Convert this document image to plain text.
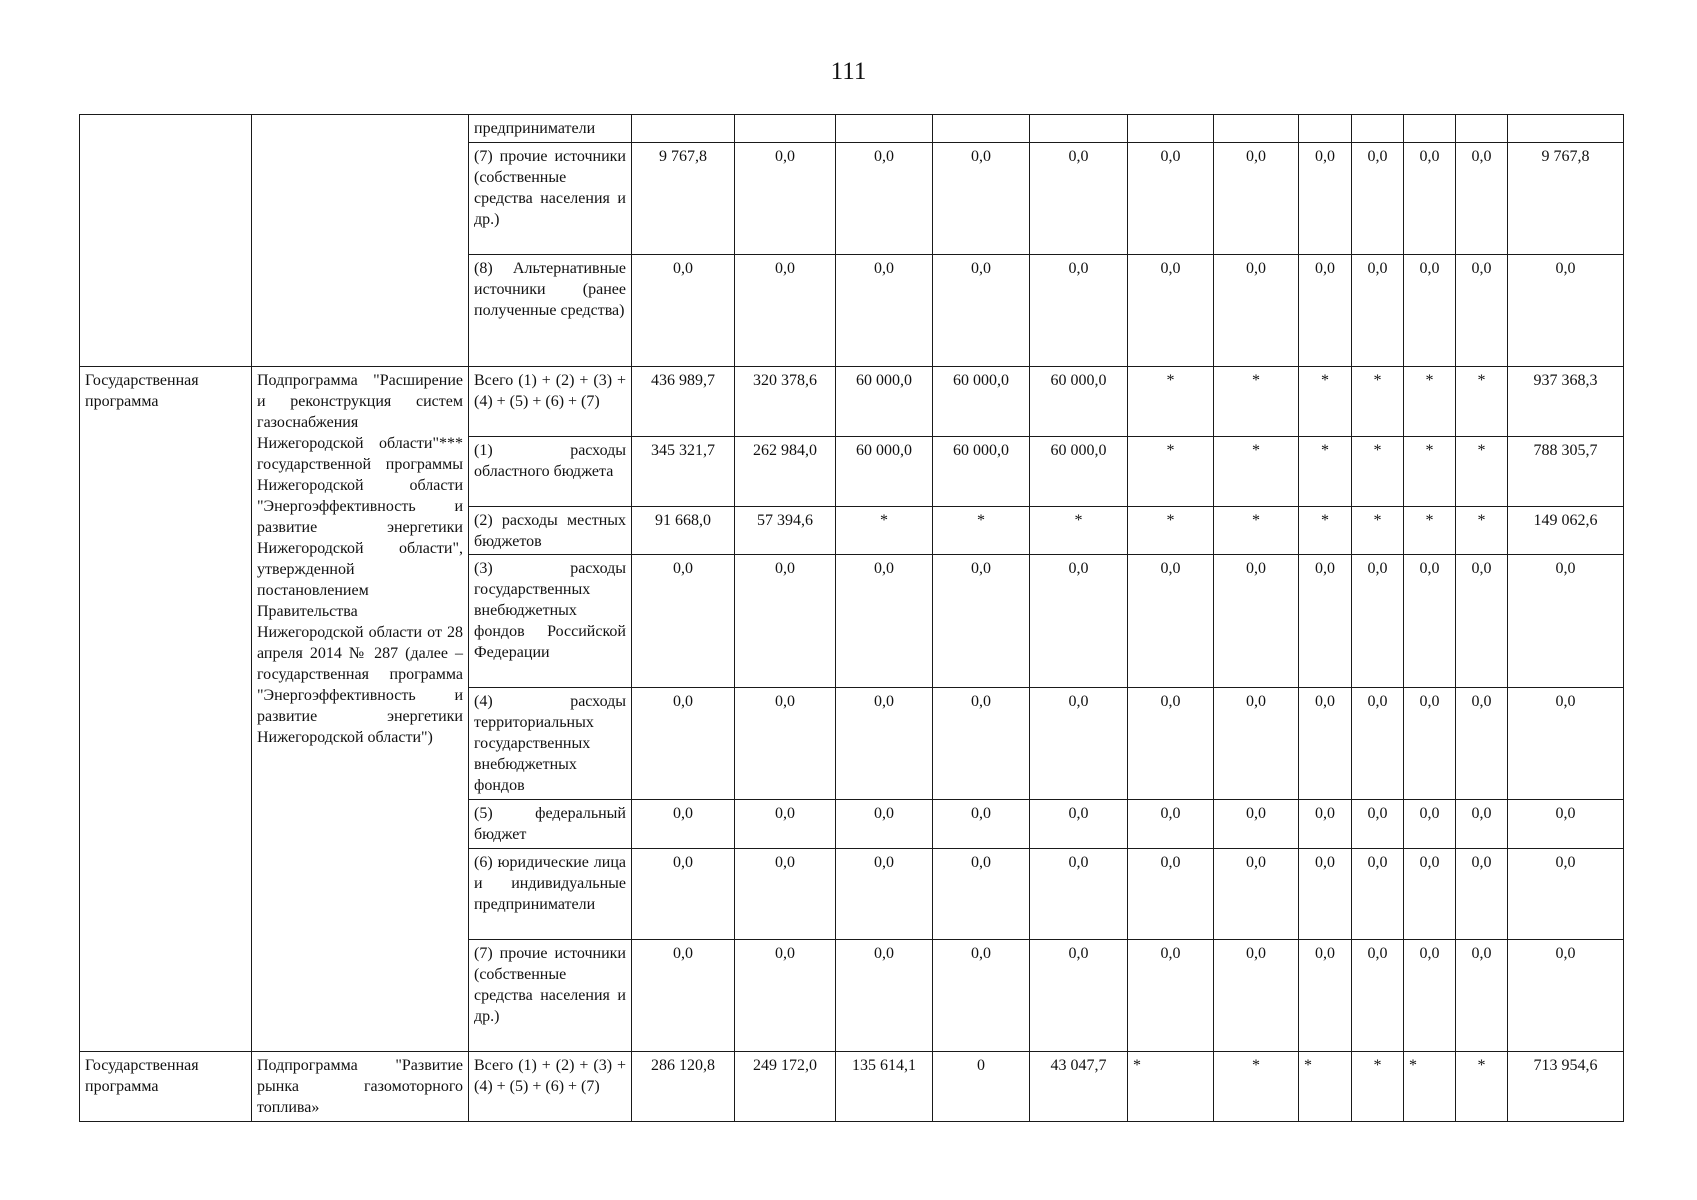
111
		предприниматели												
		(7) прочие источники (собственные средства населения и др.)	9 767,8	0,0	0,0	0,0	0,0	0,0	0,0	0,0	0,0	0,0	0,0	9 767,8
		(8) Альтернативные источники (ранее полученные средства)	0,0	0,0	0,0	0,0	0,0	0,0	0,0	0,0	0,0	0,0	0,0	0,0
Государственная программа	Подпрограмма "Расширение и реконструкция систем газоснабжения Нижегородской области"*** государственной программы Нижегородской области "Энергоэффективность и развитие энергетики Нижегородской области", утвержденной постановлением Правительства Нижегородской области от 28 апреля 2014 № 287 (далее – государственная программа "Энергоэффективность и развитие энергетики Нижегородской области")	Всего (1) + (2) + (3) + (4) + (5) + (6) + (7)	436 989,7	320 378,6	60 000,0	60 000,0	60 000,0	*	*	*	*	*	*	937 368,3
		(1) расходы областного бюджета	345 321,7	262 984,0	60 000,0	60 000,0	60 000,0	*	*	*	*	*	*	788 305,7
		(2) расходы местных бюджетов	91 668,0	57 394,6	*	*	*	*	*	*	*	*	*	149 062,6
		(3) расходы государственных внебюджетных фондов Российской Федерации	0,0	0,0	0,0	0,0	0,0	0,0	0,0	0,0	0,0	0,0	0,0	0,0
		(4) расходы территориальных государственных внебюджетных фондов	0,0	0,0	0,0	0,0	0,0	0,0	0,0	0,0	0,0	0,0	0,0	0,0
		(5) федеральный бюджет	0,0	0,0	0,0	0,0	0,0	0,0	0,0	0,0	0,0	0,0	0,0	0,0
		(6) юридические лица и индивидуальные предприниматели	0,0	0,0	0,0	0,0	0,0	0,0	0,0	0,0	0,0	0,0	0,0	0,0
		(7) прочие источники (собственные средства населения и др.)	0,0	0,0	0,0	0,0	0,0	0,0	0,0	0,0	0,0	0,0	0,0	0,0
Государственная программа	Подпрограмма "Развитие рынка газомоторного топлива»	Всего (1) + (2) + (3) + (4) + (5) + (6) + (7)	286 120,8	249 172,0	135 614,1	0	43 047,7	*	*	*	*	*	*	713 954,6
